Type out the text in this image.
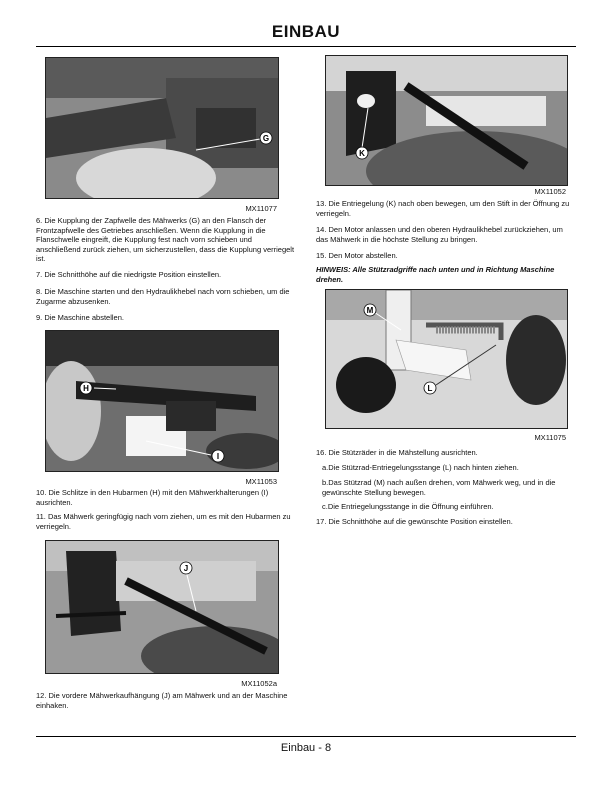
EINBAU
G
MX11077
6. Die Kupplung der Zapfwelle des Mähwerks (G) an den Flansch der Frontzapfwelle des Getriebes anschließen. Wenn die Kupplung in die Flanschwelle eingreift, die Kupplung fest nach vorn schieben und anschließend zurück ziehen, um sicherzustellen, dass die Kupplung verriegelt ist.
7. Die Schnitthöhe auf die niedrigste Position einstellen.
8. Die Maschine starten und den Hydraulikhebel nach vorn schieben, um die Zugarme abzusenken.
9. Die Maschine abstellen.
H
I
MX11053
10. Die Schlitze in den Hubarmen (H) mit den Mähwerkhalterungen (I) ausrichten.
11. Das Mähwerk geringfügig nach vorn ziehen, um es mit den Hubarmen zu verriegeln.
J
MX11052a
12. Die vordere Mähwerkaufhängung (J) am Mähwerk und an der Maschine einhaken.
K
MX11052
13. Die Entriegelung (K) nach oben bewegen, um den Stift in der Öffnung zu verriegeln.
14. Den Motor anlassen und den oberen Hydraulikhebel zurückziehen, um das Mähwerk in die höchste Stellung zu bringen.
15. Den Motor abstellen.
HINWEIS: Alle Stützradgriffe nach unten und in Richtung Maschine drehen.
M
L
MX11075
16. Die Stützräder in die Mähstellung ausrichten.
a.Die Stützrad-Entriegelungsstange (L) nach hinten ziehen.
b.Das Stützrad (M) nach außen drehen, vom Mähwerk weg, und in die gewünschte Stellung bewegen.
c.Die Entriegelungsstange in die Öffnung einführen.
17. Die Schnitthöhe auf die gewünschte Position einstellen.
Einbau - 8
